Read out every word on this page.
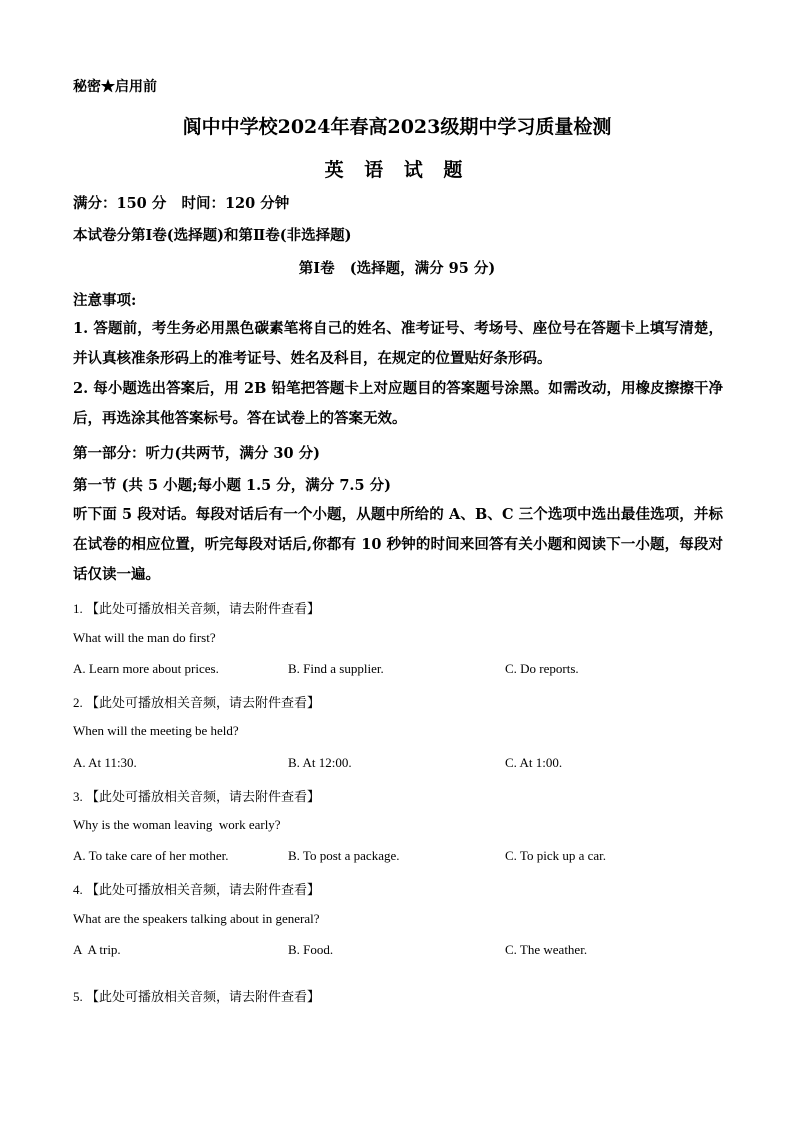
秘密★启用前
阆中中学校2024年春高2023级期中学习质量检测
英 语 试 题
满分：150 分   时间：120 分钟
本试卷分第Ⅰ卷(选择题)和第Ⅱ卷(非选择题)
第Ⅰ卷   (选择题，满分 95 分)
注意事项:
1. 答题前，考生务必用黑色碳素笔将自己的姓名、准考证号、考场号、座位号在答题卡上填写清楚，并认真核准条形码上的准考证号、姓名及科目，在规定的位置贴好条形码。
2. 每小题选出答案后，用 2B 铅笔把答题卡上对应题目的答案题号涂黑。如需改动，用橡皮擦擦干净后，再选涂其他答案标号。答在试卷上的答案无效。
第一部分：听力(共两节，满分 30 分)
第一节 (共 5 小题;每小题 1.5 分，满分 7.5 分)
听下面 5 段对话。每段对话后有一个小题，从题中所给的 A、B、C 三个选项中选出最佳选项，并标在试卷的相应位置，听完每段对话后,你都有 10 秒钟的时间来回答有关小题和阅读下一小题，每段对话仅读一遍。
1. 【此处可播放相关音频，请去附件查看】
What will the man do first?
A. Learn more about prices.	B. Find a supplier.	C. Do reports.
2. 【此处可播放相关音频，请去附件查看】
When will the meeting be held?
A. At 11:30.	B. At 12:00.	C. At 1:00.
3. 【此处可播放相关音频，请去附件查看】
Why is the woman leaving  work early?
A. To take care of her mother.	B. To post a package.	C. To pick up a car.
4. 【此处可播放相关音频，请去附件查看】
What are the speakers talking about in general?
A  A trip.	B. Food.	C. The weather.
5. 【此处可播放相关音频，请去附件查看】
